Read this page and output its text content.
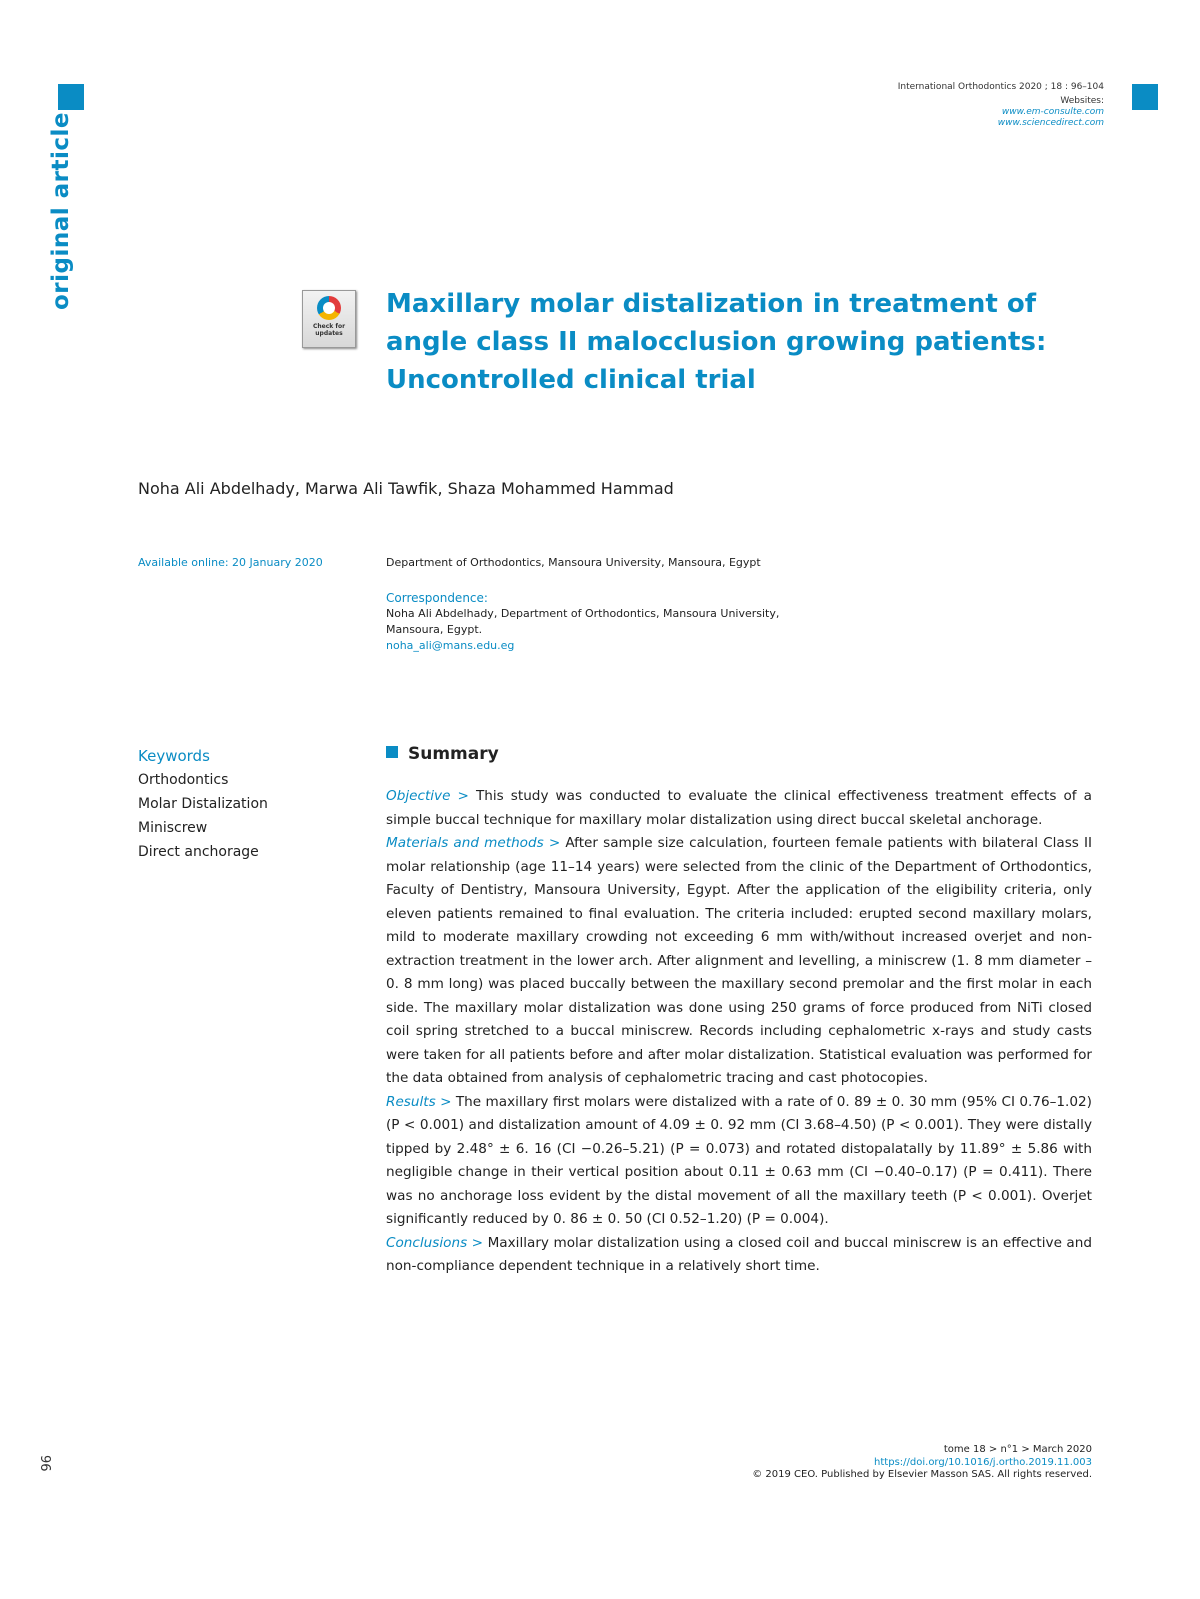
original article
International Orthodontics 2020 ; 18 : 96–104
Websites:
www.em-consulte.com
www.sciencedirect.com
Check for
updates
Maxillary molar distalization in treatment of angle class II malocclusion growing patients: Uncontrolled clinical trial
Noha Ali Abdelhady, Marwa Ali Tawfik, Shaza Mohammed Hammad
Available online: 20 January 2020	Department of Orthodontics, Mansoura University, Mansoura, Egypt
Correspondence:
Noha Ali Abdelhady, Department of Orthodontics, Mansoura University,
Mansoura, Egypt.
noha_ali@mans.edu.eg
Keywords
Orthodontics
Molar Distalization
Miniscrew
Direct anchorage
Summary

Objective > This study was conducted to evaluate the clinical effectiveness treatment effects of a simple buccal technique for maxillary molar distalization using direct buccal skeletal anchorage.

Materials and methods > After sample size calculation, fourteen female patients with bilateral Class II molar relationship (age 11–14 years) were selected from the clinic of the Department of Orthodontics, Faculty of Dentistry, Mansoura University, Egypt. After the application of the eligibility criteria, only eleven patients remained to final evaluation. The criteria included: erupted second maxillary molars, mild to moderate maxillary crowding not exceeding 6 mm with/without increased overjet and non-extraction treatment in the lower arch. After alignment and levelling, a miniscrew (1. 8 mm diameter – 0. 8 mm long) was placed buccally between the maxillary second premolar and the first molar in each side. The maxillary molar distalization was done using 250 grams of force produced from NiTi closed coil spring stretched to a buccal miniscrew. Records including cephalometric x-rays and study casts were taken for all patients before and after molar distalization. Statistical evaluation was performed for the data obtained from analysis of cephalometric tracing and cast photocopies.

Results > The maxillary first molars were distalized with a rate of 0. 89 ± 0. 30 mm (95% CI 0.76–1.02) (P < 0.001) and distalization amount of 4.09 ± 0. 92 mm (CI 3.68–4.50) (P < 0.001). They were distally tipped by 2.48° ± 6. 16 (CI −0.26–5.21) (P = 0.073) and rotated distopalatally by 11.89° ± 5.86 with negligible change in their vertical position about 0.11 ± 0.63 mm (CI −0.40–0.17) (P = 0.411). There was no anchorage loss evident by the distal movement of all the maxillary teeth (P < 0.001). Overjet significantly reduced by 0. 86 ± 0. 50 (CI 0.52–1.20) (P = 0.004).

Conclusions > Maxillary molar distalization using a closed coil and buccal miniscrew is an effective and non-compliance dependent technique in a relatively short time.

96
tome 18 > n°1 > March 2020
https://doi.org/10.1016/j.ortho.2019.11.003
© 2019 CEO. Published by Elsevier Masson SAS. All rights reserved.
